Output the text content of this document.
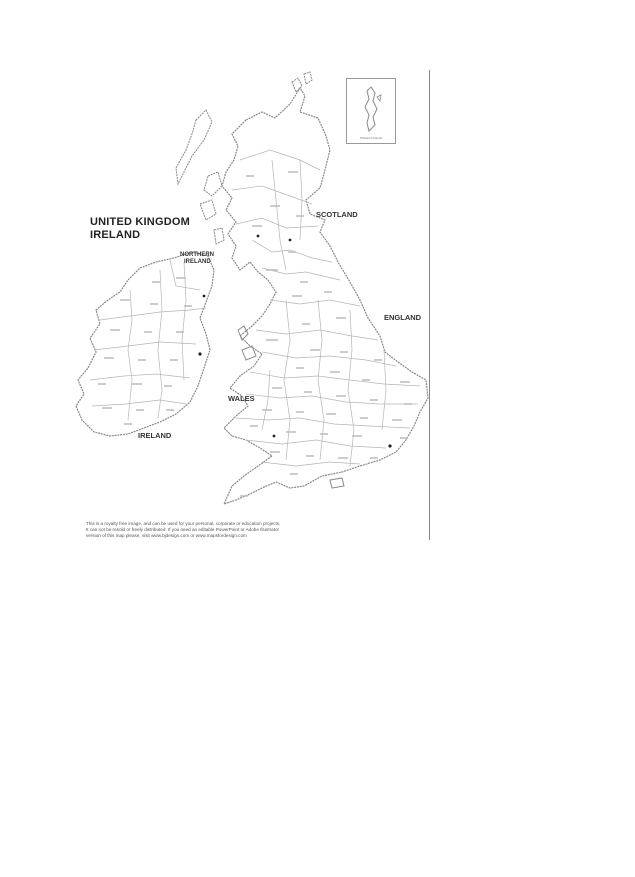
UNITED KINGDOM
IRELAND
SCOTLAND
NORTHERN
IRELAND
ENGLAND
WALES
IRELAND
Shetland Islands
This is a royalty free image, and can be used for your personal, corporate or education projects.
It can not be resold or freely distributed. If you need an editable PowerPoint or Adobe Illustrator
version of this map please, visit www.bjdesign.com or www.mapsfordesign.com
